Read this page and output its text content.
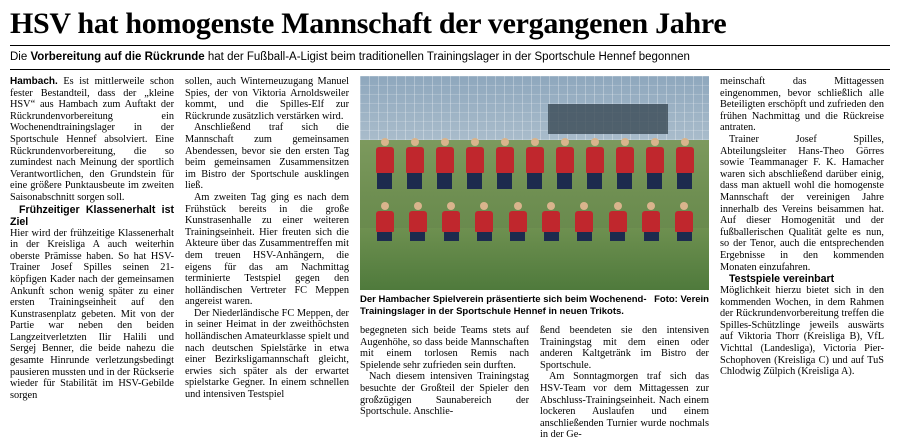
HSV hat homogenste Mannschaft der vergangenen Jahre
Die Vorbereitung auf die Rückrunde hat der Fußball-A-Ligist beim traditionellen Trainingslager in der Sportschule Hennef begonnen

Hambach. Es ist mittlerweile schon fester Bestandteil, dass der „kleine HSV“ aus Hambach zum Auftakt der Rückrundenvorbereitung ein Wochenendtrainingslager in der Sportschule Hennef absolviert. Eine Rückrundenvorbereitung, die so zumindest nach Meinung der sportlich Verantwortlichen, den Grundstein für eine größere Punktausbeute im zweiten Saisonabschnitt sorgen soll.

Frühzeitiger Klassenerhalt ist Ziel

Hier wird der frühzeitige Klassenerhalt in der Kreisliga A auch weiterhin oberste Prämisse haben. So hat HSV-Trainer Josef Spilles seinen 21-köpfigen Kader nach der gemeinsamen Ankunft schon wenig später zu einer ersten Trainingseinheit auf den Kunstrasenplatz gebeten. Mit von der Partie war neben den beiden Langzeitverletzten Ilir Halili und Sergej Benner, die beide nahezu die gesamte Hinrunde verletzungsbedingt pausieren mussten und in der Rückserie wieder für Stabilität im HSV-Gebilde sorgen

sollen, auch Winterneuzugang Manuel Spies, der von Viktoria Arnoldsweiler kommt, und die Spilles-Elf zur Rückrunde zusätzlich verstärken wird.

Anschließend traf sich die Mannschaft zum gemeinsamen Abendessen, bevor sie den ersten Tag beim gemeinsamen Zusammensitzen im Bistro der Sportschule ausklingen ließ.

Am zweiten Tag ging es nach dem Frühstück bereits in die große Kunstrasenhalle zu einer weiteren Trainingseinheit. Hier freuten sich die Akteure über das Zusammentreffen mit dem treuen HSV-Anhängern, die eigens für das am Nachmittag terminierte Testspiel gegen den holländischen Vertreter FC Meppen angereist waren.

Der Niederländische FC Meppen, der in seiner Heimat in der zweithöchsten holländischen Amateurklasse spielt und nach deutschen Spielstärke in etwa einer Bezirksligamannschaft gleicht, erwies sich später als der erwartet spielstarke Gegner. In einem schnellen und intensiven Testspiel

Foto: Verein
Der Hambacher Spielverein präsentierte sich beim Wochenend-Trainingslager in der Sportschule Hennef in neuen Trikots.

begegneten sich beide Teams stets auf Augenhöhe, so dass beide Mannschaften mit einem torlosen Remis nach Spielende sehr zufrieden sein durften.

Nach diesem intensiven Trainingstag besuchte der Großteil der Spieler den großzügigen Saunabereich der Sportschule. Anschlie-

ßend beendeten sie den intensiven Trainingstag mit dem einen oder anderen Kaltgetränk im Bistro der Sportschule.

Am Sonntagmorgen traf sich das HSV-Team vor dem Mittagessen zur Abschluss-Trainingseinheit. Nach einem lockeren Auslaufen und einem anschließenden Turnier wurde nochmals in der Ge-

meinschaft das Mittagessen eingenommen, bevor schließlich alle Beteiligten erschöpft und zufrieden den frühen Nachmittag und die Rückreise antraten.

Trainer Josef Spilles, Abteilungsleiter Hans-Theo Görres sowie Teammanager F. K. Hamacher waren sich abschließend darüber einig, dass man aktuell wohl die homogenste Mannschaft der vereinigen Jahre innerhalb des Vereins beisammen hat. Auf dieser Homogenität und der fußballerischen Qualität gelte es nun, so der Tenor, auch die entsprechenden Ergebnisse in den kommenden Monaten einzufahren.

Testspiele vereinbart

Möglichkeit hierzu bietet sich in den kommenden Wochen, in dem Rahmen der Rückrundenvorbereitung treffen die Spilles-Schützlinge jeweils auswärts auf Viktoria Thorr (Kreisliga B), VfL Vichttal (Landesliga), Victoria Pier-Schophoven (Kreisliga C) und auf TuS Chlodwig Zülpich (Kreisliga A).
